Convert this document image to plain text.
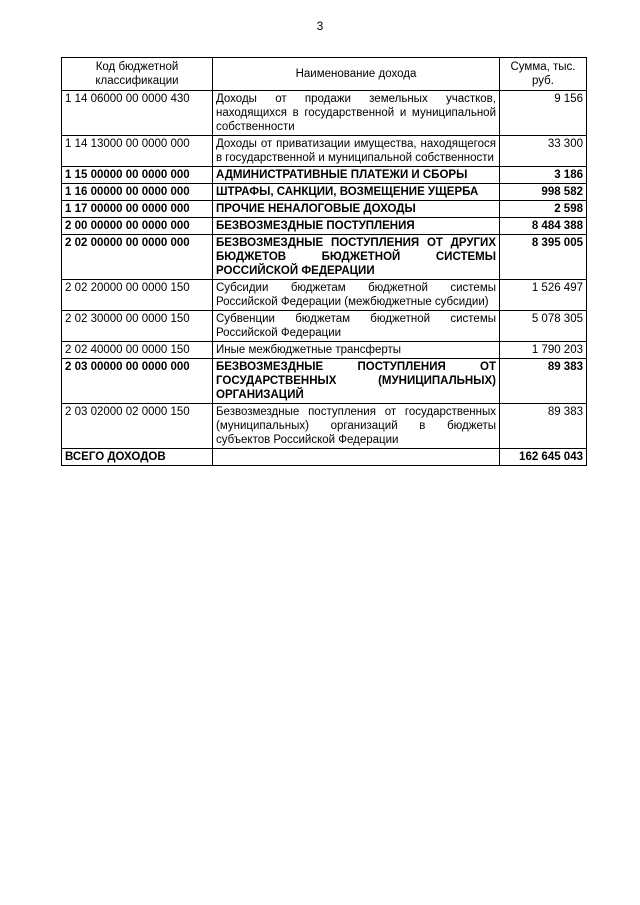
3
Код бюджетной классификации	Наименование дохода	Сумма, тыс. руб.
1 14 06000 00 0000 430	Доходы от продажи земельных участков, находящихся в государственной и муниципальной собственности	9 156
1 14 13000 00 0000 000	Доходы от приватизации имущества, находящегося в государственной и муниципальной собственности	33 300
1 15 00000 00 0000 000	АДМИНИСТРАТИВНЫЕ ПЛАТЕЖИ И СБОРЫ	3 186
1 16 00000 00 0000 000	ШТРАФЫ, САНКЦИИ, ВОЗМЕЩЕНИЕ УЩЕРБА	998 582
1 17 00000 00 0000 000	ПРОЧИЕ НЕНАЛОГОВЫЕ ДОХОДЫ	2 598
2 00 00000 00 0000 000	БЕЗВОЗМЕЗДНЫЕ ПОСТУПЛЕНИЯ	8 484 388
2 02 00000 00 0000 000	БЕЗВОЗМЕЗДНЫЕ ПОСТУПЛЕНИЯ ОТ ДРУГИХ БЮДЖЕТОВ БЮДЖЕТНОЙ СИСТЕМЫ РОССИЙСКОЙ ФЕДЕРАЦИИ	8 395 005
2 02 20000 00 0000 150	Субсидии бюджетам бюджетной системы Российской Федерации (межбюджетные субсидии)	1 526 497
2 02 30000 00 0000 150	Субвенции бюджетам бюджетной системы Российской Федерации	5 078 305
2 02 40000 00 0000 150	Иные межбюджетные трансферты	1 790 203
2 03 00000 00 0000 000	БЕЗВОЗМЕЗДНЫЕ ПОСТУПЛЕНИЯ ОТ ГОСУДАРСТВЕННЫХ (МУНИЦИПАЛЬНЫХ) ОРГАНИЗАЦИЙ	89 383
2 03 02000 02 0000 150	Безвозмездные поступления от государственных (муниципальных) организаций в бюджеты субъектов Российской Федерации	89 383
ВСЕГО ДОХОДОВ		162 645 043
